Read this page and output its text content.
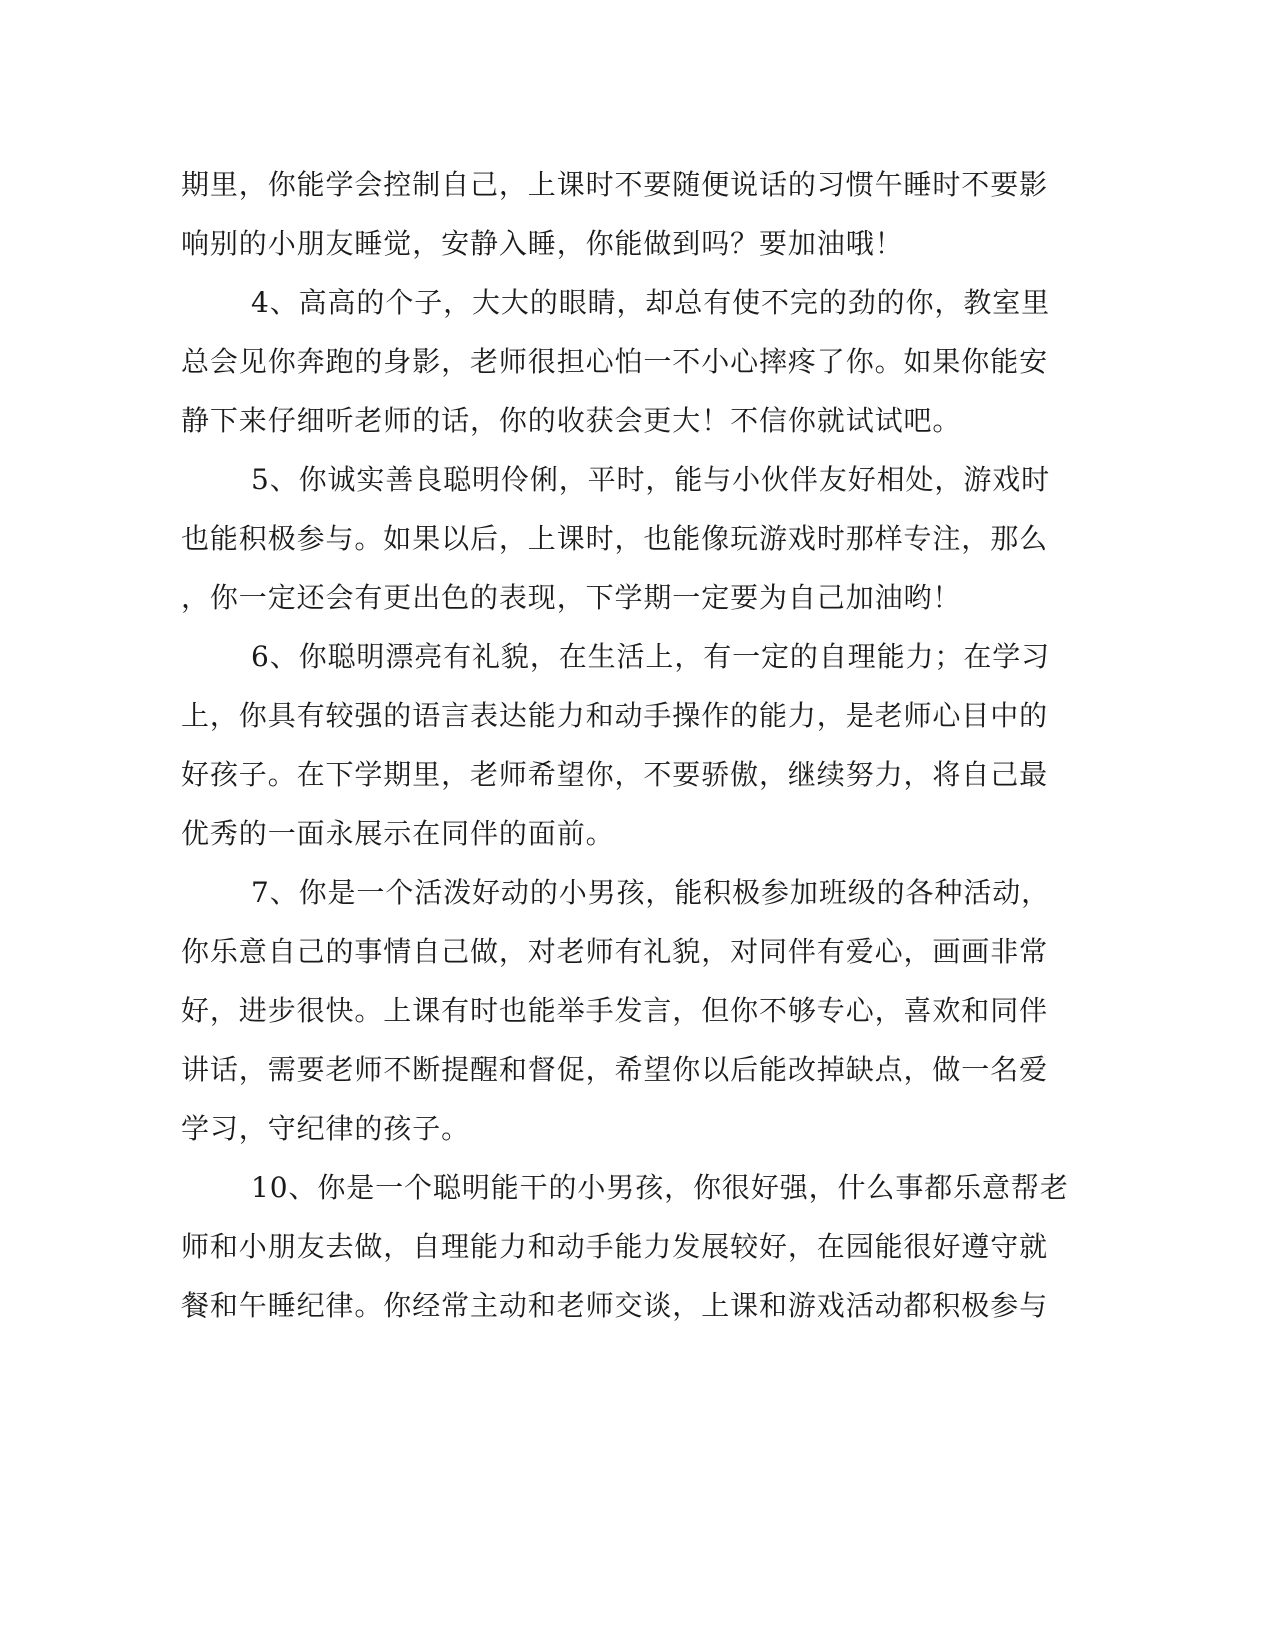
期里，你能学会控制自己，上课时不要随便说话的习惯午睡时不要影
响别的小朋友睡觉，安静入睡，你能做到吗？要加油哦！
4、高高的个子，大大的眼睛，却总有使不完的劲的你，教室里
总会见你奔跑的身影，老师很担心怕一不小心摔疼了你。如果你能安
静下来仔细听老师的话，你的收获会更大！不信你就试试吧。
5、你诚实善良聪明伶俐，平时，能与小伙伴友好相处，游戏时
也能积极参与。如果以后，上课时，也能像玩游戏时那样专注，那么
，你一定还会有更出色的表现，下学期一定要为自己加油哟！
6、你聪明漂亮有礼貌，在生活上，有一定的自理能力；在学习
上，你具有较强的语言表达能力和动手操作的能力，是老师心目中的
好孩子。在下学期里，老师希望你，不要骄傲，继续努力，将自己最
优秀的一面永展示在同伴的面前。
7、你是一个活泼好动的小男孩，能积极参加班级的各种活动，
你乐意自己的事情自己做，对老师有礼貌，对同伴有爱心，画画非常
好，进步很快。上课有时也能举手发言，但你不够专心，喜欢和同伴
讲话，需要老师不断提醒和督促，希望你以后能改掉缺点，做一名爱
学习，守纪律的孩子。
10、你是一个聪明能干的小男孩，你很好强，什么事都乐意帮老
师和小朋友去做，自理能力和动手能力发展较好，在园能很好遵守就
餐和午睡纪律。你经常主动和老师交谈，上课和游戏活动都积极参与
